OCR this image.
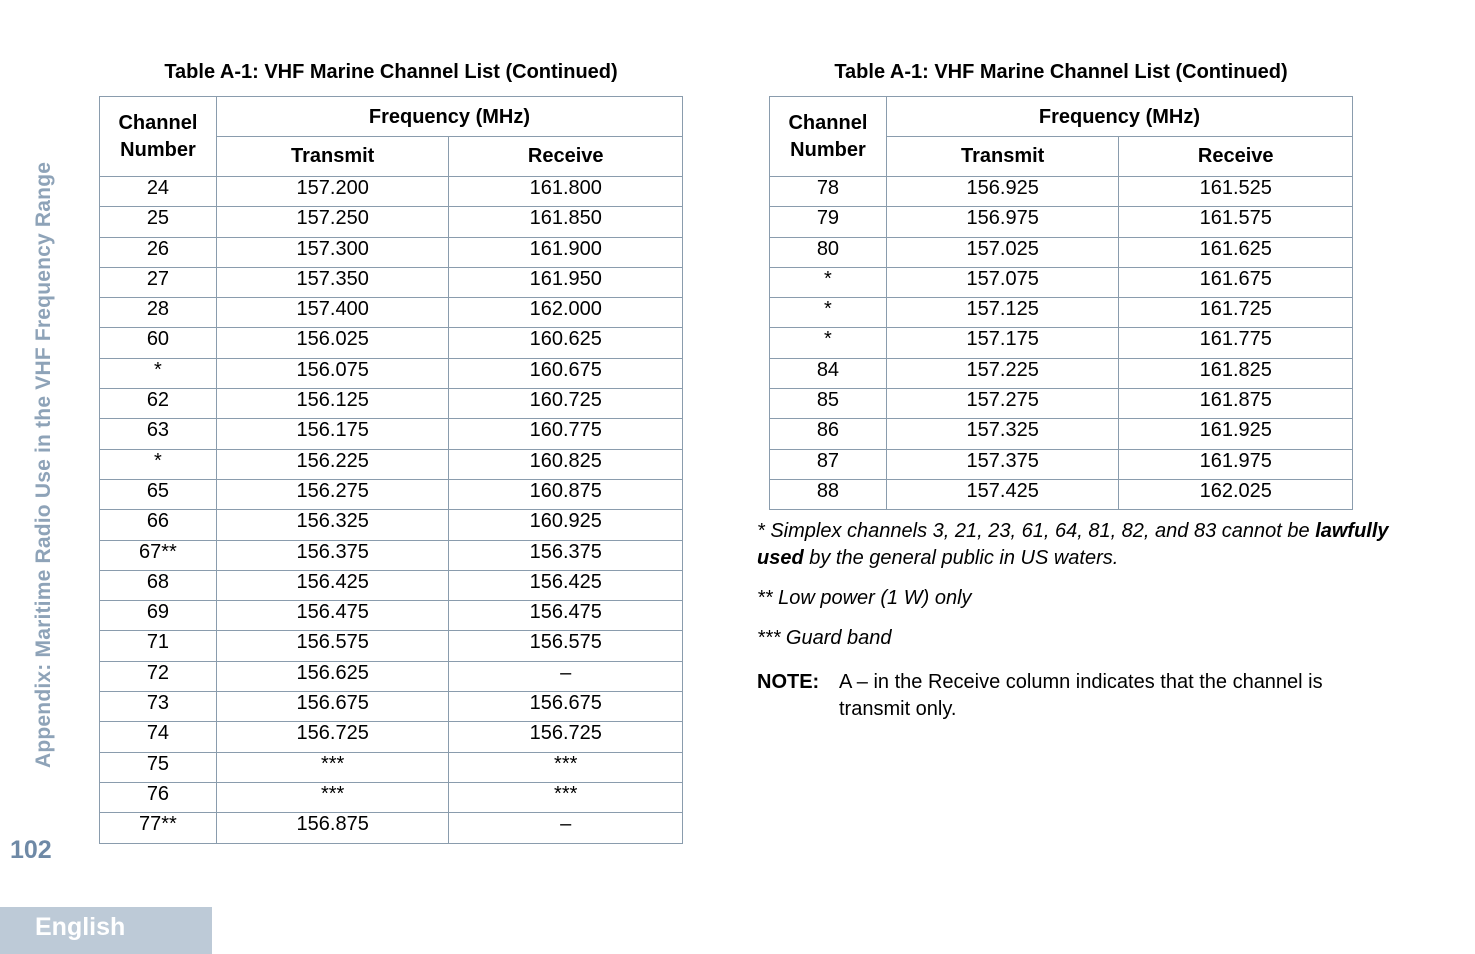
Appendix: Maritime Radio Use in the VHF Frequency Range
102
English
Table A-1: VHF Marine Channel List (Continued)
Channel
Number	Frequency (MHz)	
	Transmit	Receive
24	157.200	161.800
25	157.250	161.850
26	157.300	161.900
27	157.350	161.950
28	157.400	162.000
60	156.025	160.625
*	156.075	160.675
62	156.125	160.725
63	156.175	160.775
*	156.225	160.825
65	156.275	160.875
66	156.325	160.925
67**	156.375	156.375
68	156.425	156.425
69	156.475	156.475
71	156.575	156.575
72	156.625	–
73	156.675	156.675
74	156.725	156.725
75	***	***
76	***	***
77**	156.875	–
Table A-1: VHF Marine Channel List (Continued)
Channel
Number	Frequency (MHz)	
	Transmit	Receive
78	156.925	161.525
79	156.975	161.575
80	157.025	161.625
*	157.075	161.675
*	157.125	161.725
*	157.175	161.775
84	157.225	161.825
85	157.275	161.875
86	157.325	161.925
87	157.375	161.975
88	157.425	162.025

* Simplex channels 3, 21, 23, 61, 64, 81, 82, and 83 cannot be lawfully used by the general public in US waters.

** Low power (1 W) only

*** Guard band

NOTE: A – in the Receive column indicates that the channel is transmit only.
